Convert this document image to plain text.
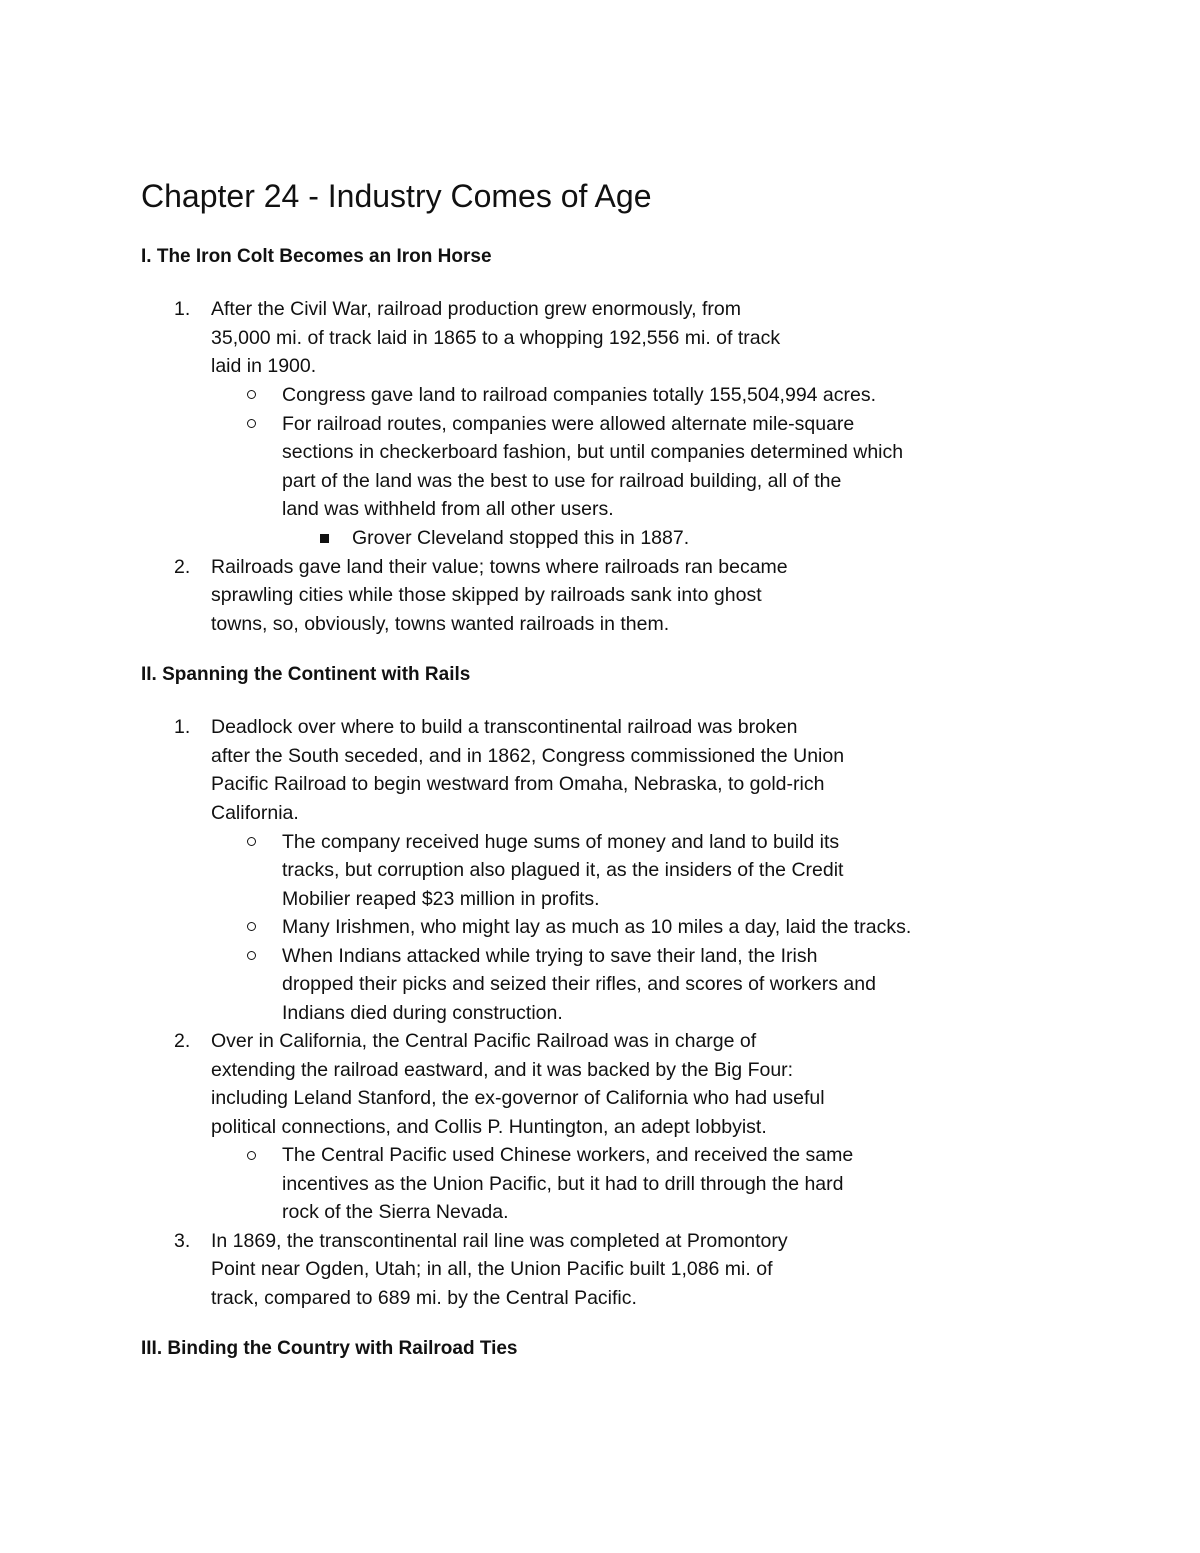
Chapter 24 - Industry Comes of Age
I. The Iron Colt Becomes an Iron Horse
1. After the Civil War, railroad production grew enormously, from
35,000 mi. of track laid in 1865 to a whopping 192,556 mi. of track
laid in 1900.
Congress gave land to railroad companies totally 155,504,994 acres.
For railroad routes, companies were allowed alternate mile-square
sections in checkerboard fashion, but until companies determined which
part of the land was the best to use for railroad building, all of the
land was withheld from all other users.
Grover Cleveland stopped this in 1887.
2. Railroads gave land their value; towns where railroads ran became
sprawling cities while those skipped by railroads sank into ghost
towns, so, obviously, towns wanted railroads in them.
II. Spanning the Continent with Rails
1. Deadlock over where to build a transcontinental railroad was broken
after the South seceded, and in 1862, Congress commissioned the Union
Pacific Railroad to begin westward from Omaha, Nebraska, to gold-rich
California.
The company received huge sums of money and land to build its
tracks, but corruption also plagued it, as the insiders of the Credit
Mobilier reaped $23 million in profits.
Many Irishmen, who might lay as much as 10 miles a day, laid the tracks.
When Indians attacked while trying to save their land, the Irish
dropped their picks and seized their rifles, and scores of workers and
Indians died during construction.
2. Over in California, the Central Pacific Railroad was in charge of
extending the railroad eastward, and it was backed by the Big Four:
including Leland Stanford, the ex-governor of California who had useful
political connections, and Collis P. Huntington, an adept lobbyist.
The Central Pacific used Chinese workers, and received the same
incentives as the Union Pacific, but it had to drill through the hard
rock of the Sierra Nevada.
3. In 1869, the transcontinental rail line was completed at Promontory
Point near Ogden, Utah; in all, the Union Pacific built 1,086 mi. of
track, compared to 689 mi. by the Central Pacific.
III. Binding the Country with Railroad Ties
